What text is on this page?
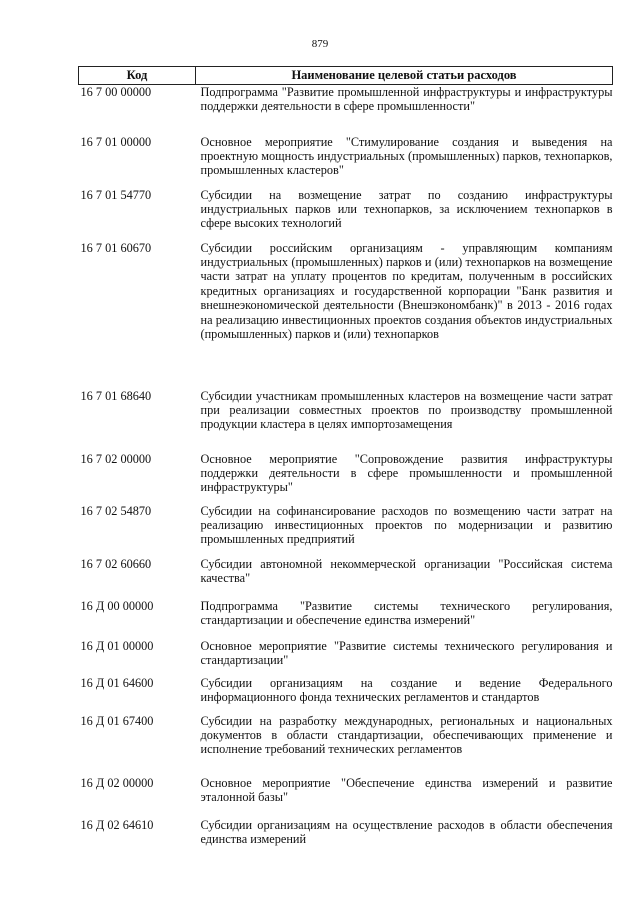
879
Код	Наименование целевой статьи расходов
16 7 00 00000	Подпрограмма "Развитие промышленной инфраструктуры и инфраструктуры поддержки деятельности в сфере промышленности"
16 7 01 00000	Основное мероприятие "Стимулирование создания и выведения на проектную мощность индустриальных (промышленных) парков, технопарков, промышленных кластеров"
16 7 01 54770	Субсидии на возмещение затрат по созданию инфраструктуры индустриальных парков или технопарков, за исключением технопарков в сфере высоких технологий
16 7 01 60670	Субсидии российским организациям - управляющим компаниям индустриальных (промышленных) парков и (или) технопарков на возмещение части затрат на уплату процентов по кредитам, полученным в российских кредитных организациях и государственной корпорации "Банк развития и внешнеэкономической деятельности (Внешэкономбанк)" в 2013 - 2016 годах на реализацию инвестиционных проектов создания объектов индустриальных (промышленных) парков и (или) технопарков
16 7 01 68640	Субсидии участникам промышленных кластеров на возмещение части затрат при реализации совместных проектов по производству промышленной продукции кластера в целях импортозамещения
16 7 02 00000	Основное мероприятие "Сопровождение развития инфраструктуры поддержки деятельности в сфере промышленности и промышленной инфраструктуры"
16 7 02 54870	Субсидии на софинансирование расходов по возмещению части затрат на реализацию инвестиционных проектов по модернизации и развитию промышленных предприятий
16 7 02 60660	Субсидии автономной некоммерческой организации "Российская система качества"
16 Д 00 00000	Подпрограмма "Развитие системы технического регулирования, стандартизации и обеспечение единства измерений"
16 Д 01 00000	Основное мероприятие "Развитие системы технического регулирования и стандартизации"
16 Д 01 64600	Субсидии организациям на создание и ведение Федерального информационного фонда технических регламентов и стандартов
16 Д 01 67400	Субсидии на разработку международных, региональных и национальных документов в области стандартизации, обеспечивающих применение и исполнение требований технических регламентов
16 Д 02 00000	Основное мероприятие "Обеспечение единства измерений и развитие эталонной базы"
16 Д 02 64610	Субсидии организациям на осуществление расходов в области обеспечения единства измерений
